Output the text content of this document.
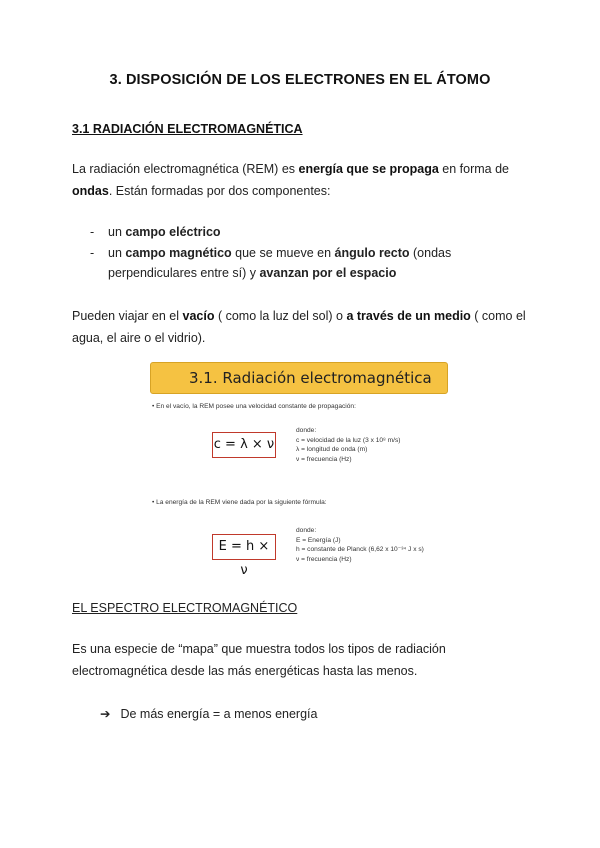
3. DISPOSICIÓN DE LOS ELECTRONES EN EL ÁTOMO
3.1 RADIACIÓN ELECTROMAGNÉTICA
La radiación electromagnética (REM) es energía que se propaga en forma de
ondas. Están formadas por dos componentes:
- un campo eléctrico
- un campo magnético que se mueve en ángulo recto (ondas
perpendiculares entre sí) y avanzan por el espacio
Pueden viajar en el vacío ( como la luz del sol) o a través de un medio ( como el
agua, el aire o el vidrio).
3.1. Radiación electromagnética
• En el vacío, la REM posee una velocidad constante de propagación:
c = λ × ν
donde:
c = velocidad de la luz (3 x 10⁸ m/s)
λ = longitud de onda (m)
ν = frecuencia (Hz)
• La energía de la REM viene dada por la siguiente fórmula:
E = h × ν
donde:
E = Energía (J)
h = constante de Planck (6,62 x 10⁻³⁴ J x s)
ν = frecuencia (Hz)
EL ESPECTRO ELECTROMAGNÉTICO
Es una especie de “mapa” que muestra todos los tipos de radiación
electromagnética desde las más energéticas hasta las menos.
➔ De más energía = a menos energía
